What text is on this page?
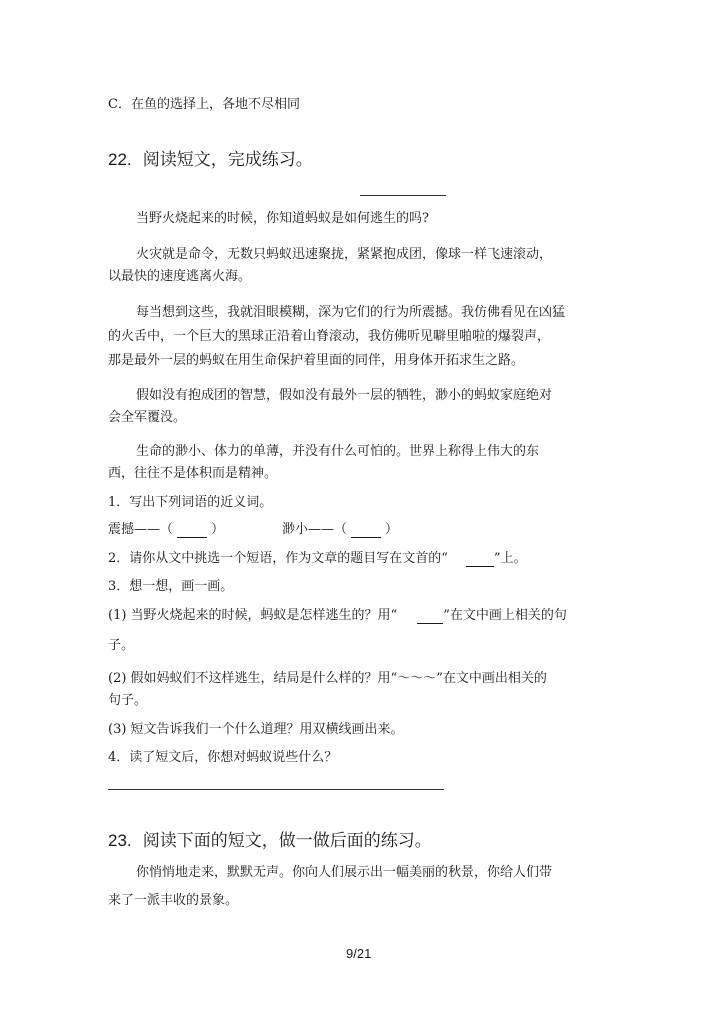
C．在鱼的选择上，各地不尽相同
22. 阅读短文，完成练习。
当野火烧起来的时候，你知道蚂蚁是如何逃生的吗?
火灾就是命令，无数只蚂蚁迅速聚拢，紧紧抱成团，像球一样飞速滚动，
以最快的速度逃离火海。
每当想到这些，我就泪眼模糊，深为它们的行为所震撼。我仿佛看见在凶猛
的火舌中，一个巨大的黑球正沿着山脊滚动，我仿佛听见噼里啪啦的爆裂声，
那是最外一层的蚂蚁在用生命保护着里面的同伴，用身体开拓求生之路。
假如没有抱成团的智慧，假如没有最外一层的牺牲，渺小的蚂蚁家庭绝对
会全军覆没。
生命的渺小、体力的单薄，并没有什么可怕的。世界上称得上伟大的东
西，往往不是体积而是精神。
1．写出下列词语的近义词。
震撼——（	）	渺小——（	）
2．请你从文中挑选一个短语，作为文章的题目写在文首的“	”上。
3．想一想，画一画。
(1) 当野火烧起来的时候，蚂蚁是怎样逃生的？用“	”在文中画上相关的句
子。
(2) 假如妈蚁们不这样逃生，结局是什么样的？用“～～～”在文中画出相关的
句子。
(3) 短文告诉我们一个什么道理？用双横线画出来。
4．读了短文后，你想对蚂蚁说些什么？
23. 阅读下面的短文，做一做后面的练习。
你悄悄地走来，默默无声。你向人们展示出一幅美丽的秋景，你给人们带
来了一派丰收的景象。
9/21
